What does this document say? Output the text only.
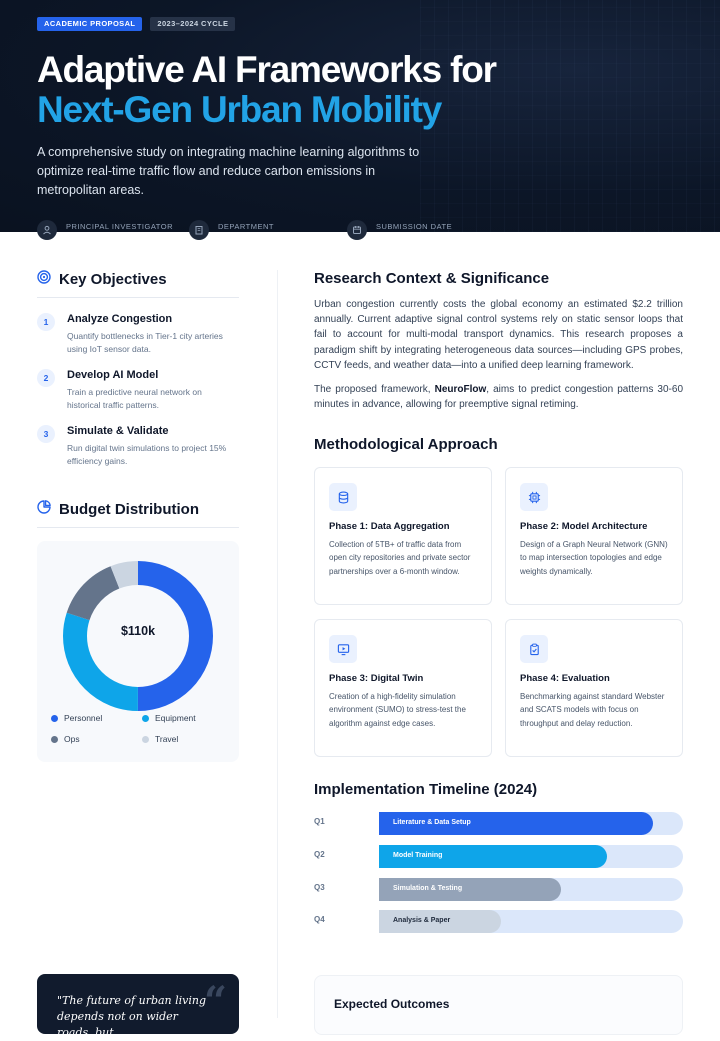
ACADEMIC PROPOSAL	2023–2024 CYCLE
Adaptive AI Frameworks for
Next-Gen Urban Mobility

A comprehensive study on integrating machine learning algorithms to optimize real-time traffic flow and reduce carbon emissions in metropolitan areas.

PRINCIPAL INVESTIGATOR	DEPARTMENT	SUBMISSION DATE
Key Objectives
1	Analyze Congestion
Quantify bottlenecks in Tier-1 city arteries using IoT sensor data.
2	Develop AI Model
Train a predictive neural network on historical traffic patterns.
3	Simulate & Validate
Run digital twin simulations to project 15% efficiency gains.
Budget Distribution
$110k
Personnel	Equipment
Ops	Travel
"The future of urban living depends not on wider roads, but
“
Research Context & Significance

Urban congestion currently costs the global economy an estimated $2.2 trillion annually. Current adaptive signal control systems rely on static sensor loops that fail to account for multi-modal transport dynamics. This research proposes a paradigm shift by integrating heterogeneous data sources—including GPS probes, CCTV feeds, and weather data—into a unified deep learning framework.

The proposed framework, NeuroFlow, aims to predict congestion patterns 30-60 minutes in advance, allowing for preemptive signal retiming.

Methodological Approach
Phase 1: Data Aggregation
Collection of 5TB+ of traffic data from open city repositories and private sector partnerships over a 6-month window.
Phase 2: Model Architecture
Design of a Graph Neural Network (GNN) to map intersection topologies and edge weights dynamically.
Phase 3: Digital Twin
Creation of a high-fidelity simulation environment (SUMO) to stress-test the algorithm against edge cases.
Phase 4: Evaluation
Benchmarking against standard Webster and SCATS models with focus on throughput and delay reduction.
Implementation Timeline (2024)
Q1	Literature & Data Setup
Q2	Model Training
Q3	Simulation & Testing
Q4	Analysis & Paper
Expected Outcomes
